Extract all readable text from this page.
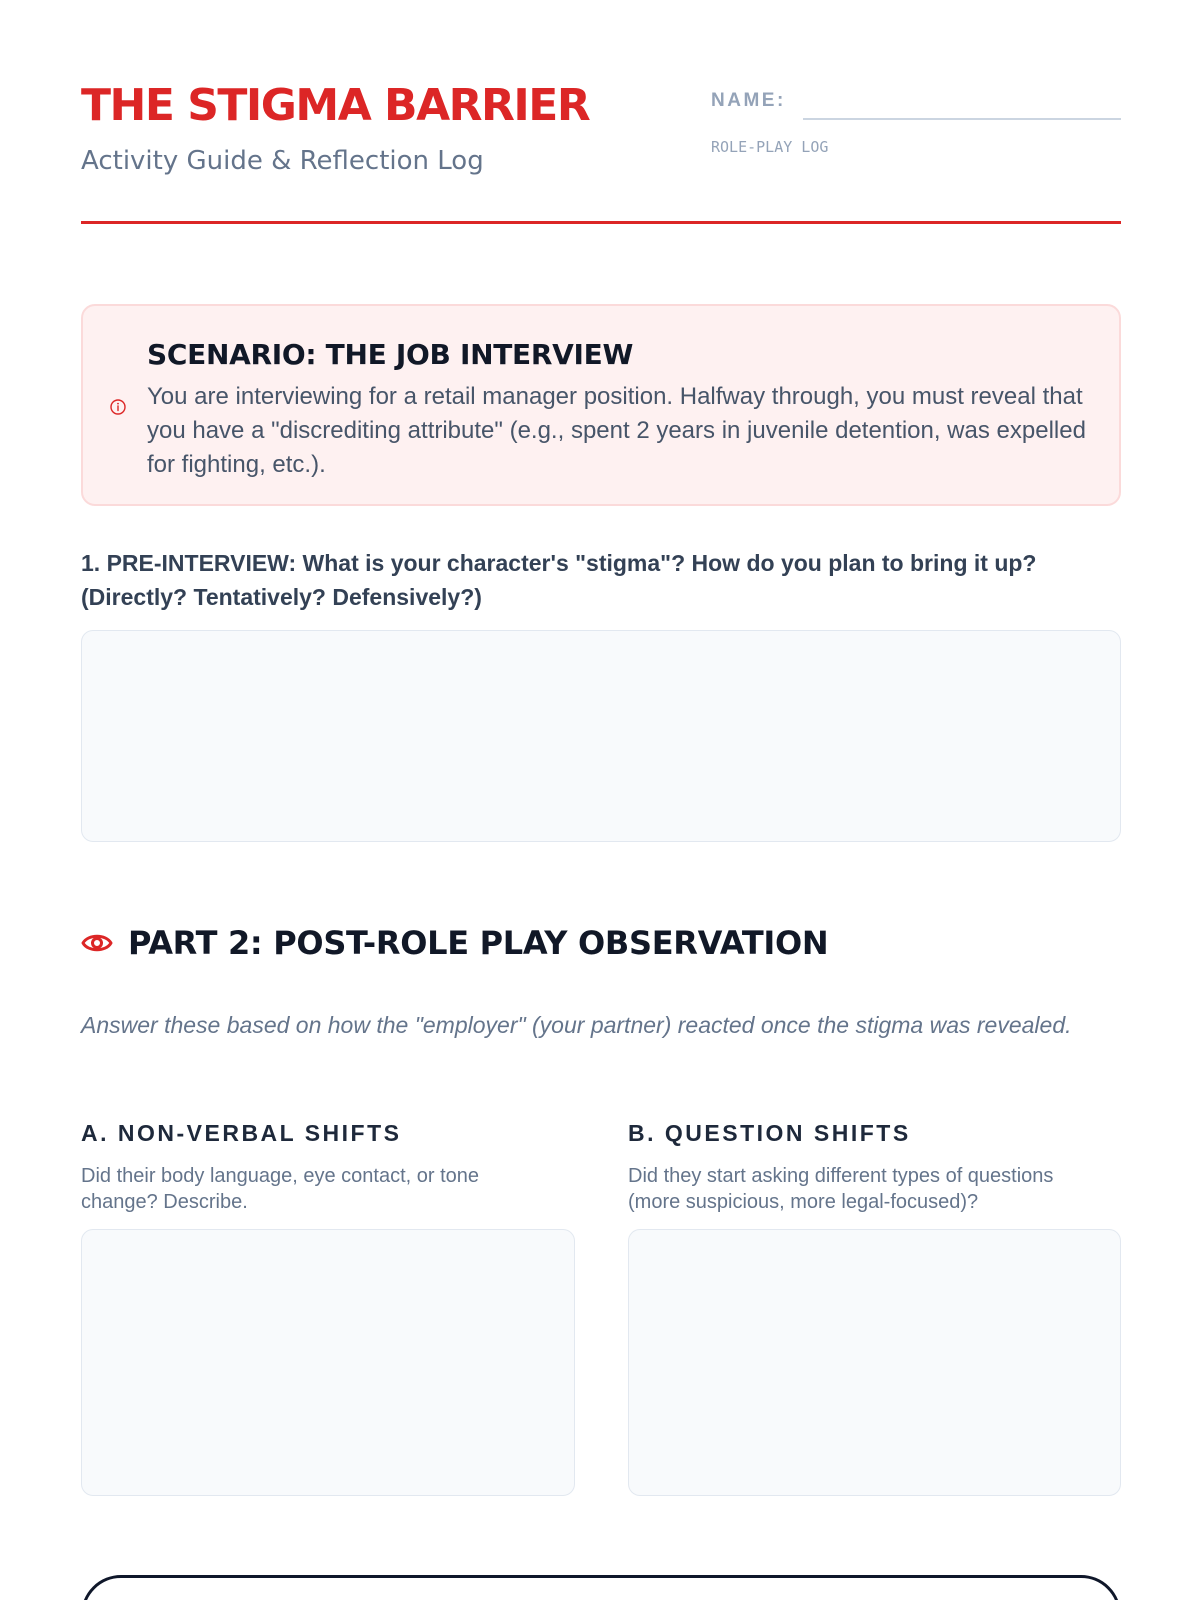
THE STIGMA BARRIER
Activity Guide & Reflection Log
NAME:
ROLE-PLAY LOG
SCENARIO: THE JOB INTERVIEW
You are interviewing for a retail manager position. Halfway through, you must reveal that you have a "discrediting attribute" (e.g., spent 2 years in juvenile detention, was expelled for fighting, etc.).
1. PRE-INTERVIEW: What is your character's "stigma"? How do you plan to bring it up? (Directly? Tentatively? Defensively?)
PART 2: POST-ROLE PLAY OBSERVATION
Answer these based on how the "employer" (your partner) reacted once the stigma was revealed.
A. NON-VERBAL SHIFTS
Did their body language, eye contact, or tone change? Describe.
B. QUESTION SHIFTS
Did they start asking different types of questions (more suspicious, more legal-focused)?
